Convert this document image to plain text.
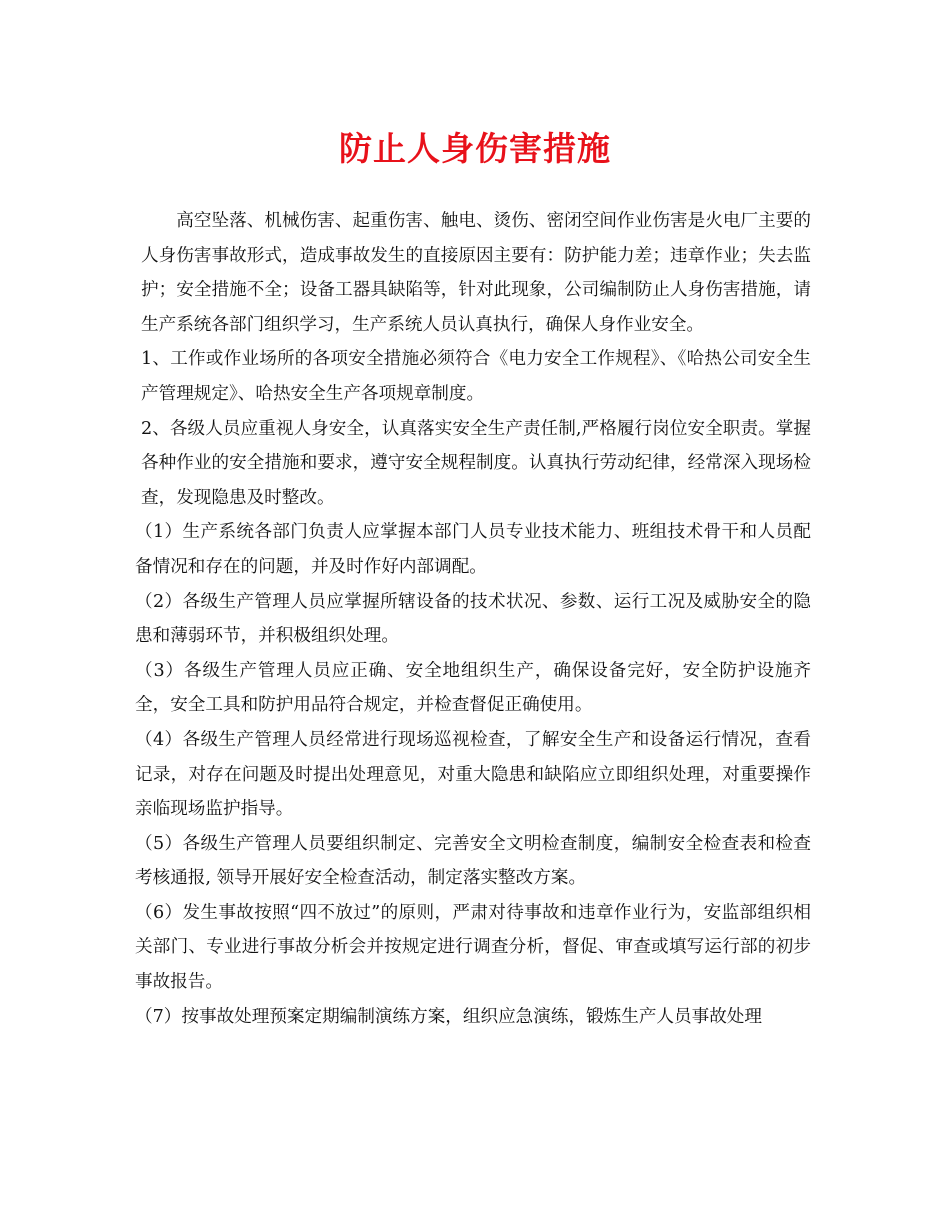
防止人身伤害措施

高空坠落、机械伤害、起重伤害、触电、烫伤、密闭空间作业伤害是火电厂主要的人身伤害事故形式，造成事故发生的直接原因主要有：防护能力差；违章作业；失去监护；安全措施不全；设备工器具缺陷等，针对此现象，公司编制防止人身伤害措施，请生产系统各部门组织学习，生产系统人员认真执行，确保人身作业安全。

1、工作或作业场所的各项安全措施必须符合《电力安全工作规程》、《哈热公司安全生产管理规定》、哈热安全生产各项规章制度。

2、各级人员应重视人身安全，认真落实安全生产责任制,严格履行岗位安全职责。掌握各种作业的安全措施和要求，遵守安全规程制度。认真执行劳动纪律，经常深入现场检查，发现隐患及时整改。

（1）生产系统各部门负责人应掌握本部门人员专业技术能力、班组技术骨干和人员配备情况和存在的问题，并及时作好内部调配。

（2）各级生产管理人员应掌握所辖设备的技术状况、参数、运行工况及威胁安全的隐患和薄弱环节，并积极组织处理。

（3）各级生产管理人员应正确、安全地组织生产，确保设备完好，安全防护设施齐全，安全工具和防护用品符合规定，并检查督促正确使用。

（4）各级生产管理人员经常进行现场巡视检查，了解安全生产和设备运行情况，查看记录，对存在问题及时提出处理意见，对重大隐患和缺陷应立即组织处理，对重要操作亲临现场监护指导。

（5）各级生产管理人员要组织制定、完善安全文明检查制度，编制安全检查表和检查考核通报, 领导开展好安全检查活动，制定落实整改方案。

（6）发生事故按照“四不放过”的原则，严肃对待事故和违章作业行为，安监部组织相关部门、专业进行事故分析会并按规定进行调查分析，督促、审查或填写运行部的初步事故报告。

（7）按事故处理预案定期编制演练方案，组织应急演练，锻炼生产人员事故处理
